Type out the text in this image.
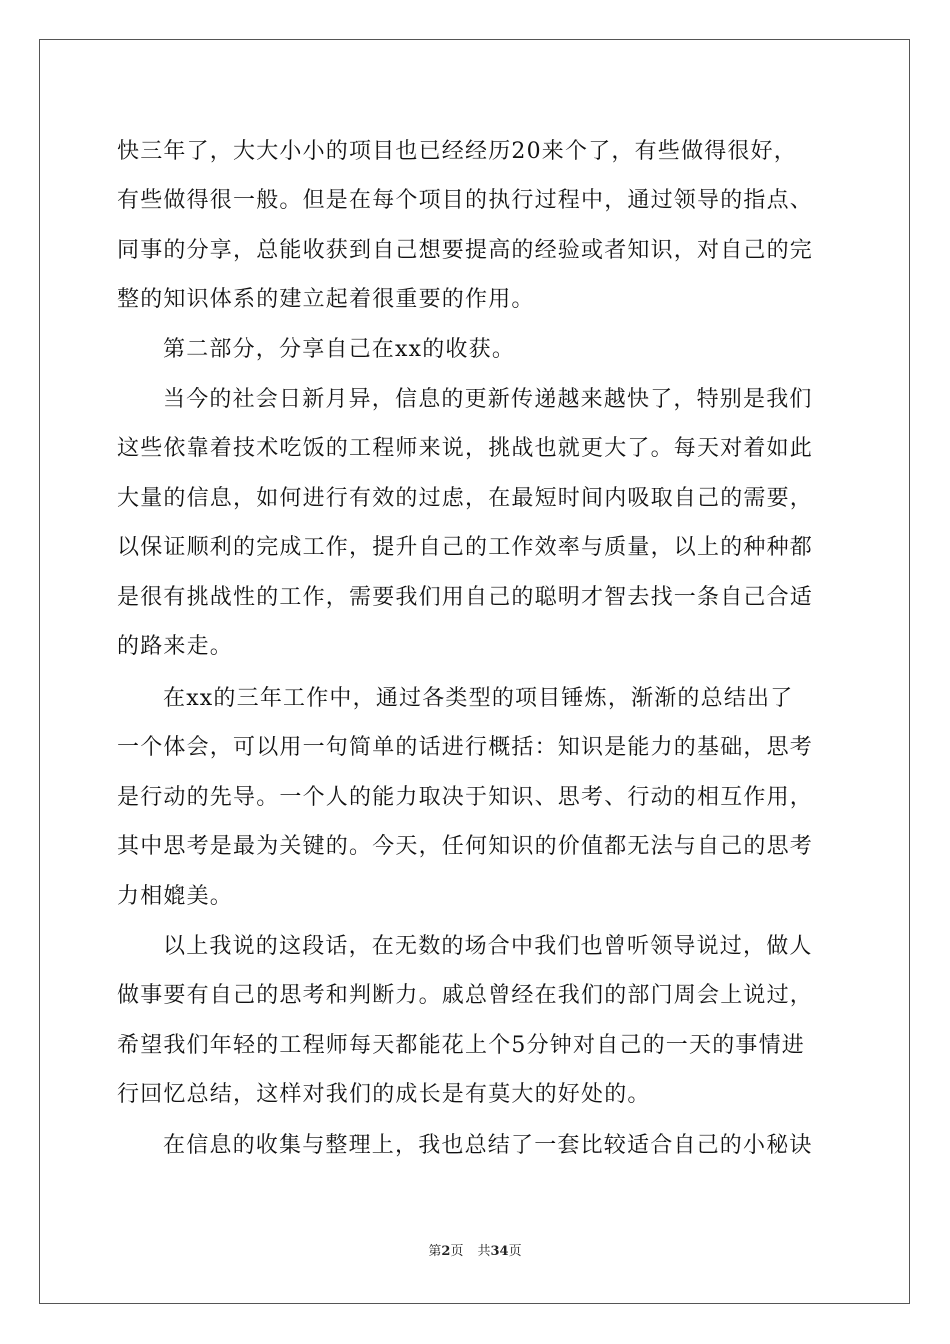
快三年了，大大小小的项目也已经经历20来个了，有些做得很好，
有些做得很一般。但是在每个项目的执行过程中，通过领导的指点、
同事的分享，总能收获到自己想要提高的经验或者知识，对自己的完
整的知识体系的建立起着很重要的作用。
第二部分，分享自己在xx的收获。
当今的社会日新月异，信息的更新传递越来越快了，特别是我们
这些依靠着技术吃饭的工程师来说，挑战也就更大了。每天对着如此
大量的信息，如何进行有效的过虑，在最短时间内吸取自己的需要，
以保证顺利的完成工作，提升自己的工作效率与质量，以上的种种都
是很有挑战性的工作，需要我们用自己的聪明才智去找一条自己合适
的路来走。
在xx的三年工作中，通过各类型的项目锤炼，渐渐的总结出了
一个体会，可以用一句简单的话进行概括：知识是能力的基础，思考
是行动的先导。一个人的能力取决于知识、思考、行动的相互作用，
其中思考是最为关键的。今天，任何知识的价值都无法与自己的思考
力相媲美。
以上我说的这段话，在无数的场合中我们也曾听领导说过，做人
做事要有自己的思考和判断力。戚总曾经在我们的部门周会上说过，
希望我们年轻的工程师每天都能花上个5分钟对自己的一天的事情进
行回忆总结，这样对我们的成长是有莫大的好处的。
在信息的收集与整理上，我也总结了一套比较适合自己的小秘诀
第2页 共34页
